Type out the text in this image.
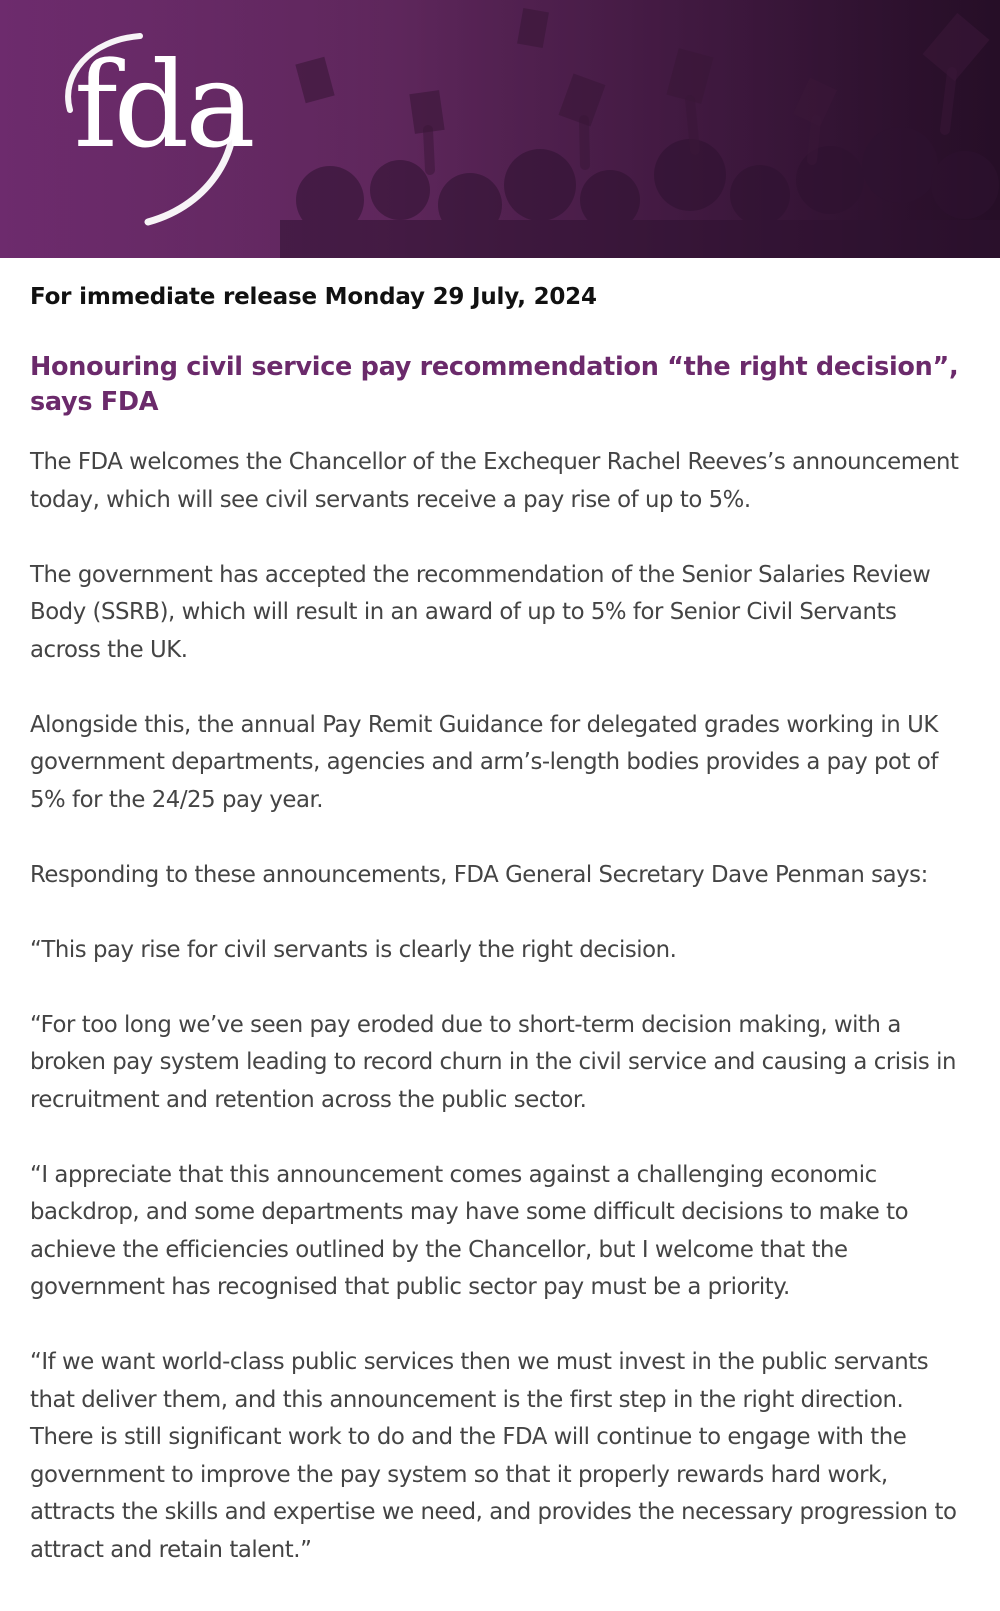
fda

For immediate release Monday 29 July, 2024

Honouring civil service pay recommendation “the right decision”, says FDA

The FDA welcomes the Chancellor of the Exchequer Rachel Reeves’s announcement today, which will see civil servants receive a pay rise of up to 5%.

The government has accepted the recommendation of the Senior Salaries Review Body (SSRB), which will result in an award of up to 5% for Senior Civil Servants across the UK.

Alongside this, the annual Pay Remit Guidance for delegated grades working in UK government departments, agencies and arm’s-length bodies provides a pay pot of 5% for the 24/25 pay year.

Responding to these announcements, FDA General Secretary Dave Penman says:

“This pay rise for civil servants is clearly the right decision.

“For too long we’ve seen pay eroded due to short-term decision making, with a broken pay system leading to record churn in the civil service and causing a crisis in recruitment and retention across the public sector.

“I appreciate that this announcement comes against a challenging economic backdrop, and some departments may have some difficult decisions to make to achieve the efficiencies outlined by the Chancellor, but I welcome that the government has recognised that public sector pay must be a priority.

“If we want world-class public services then we must invest in the public servants that deliver them, and this announcement is the first step in the right direction. There is still significant work to do and the FDA will continue to engage with the government to improve the pay system so that it properly rewards hard work, attracts the skills and expertise we need, and provides the necessary progression to attract and retain talent.”
